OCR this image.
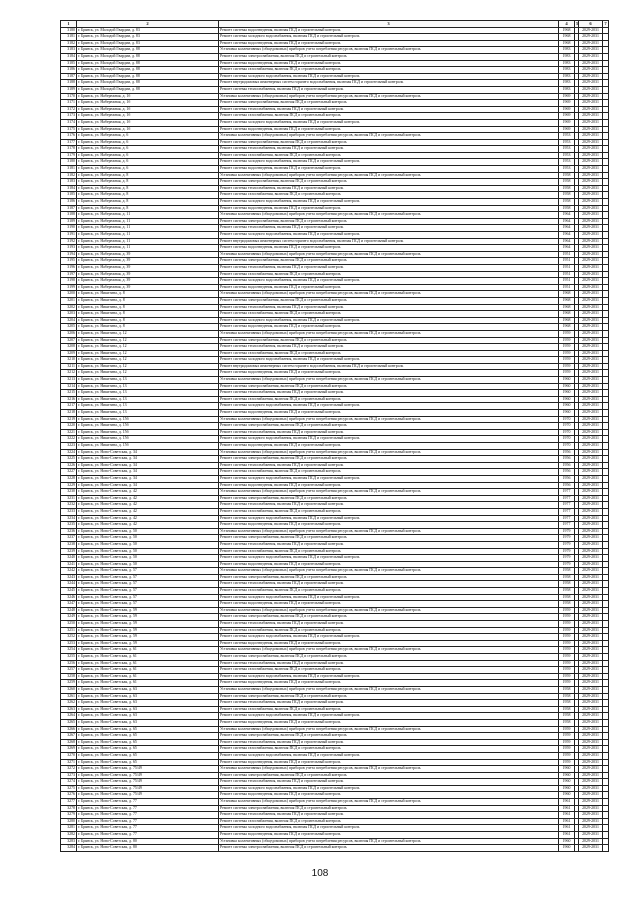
1	2	3	4	5	6	7
3180	г. Брянск, ул. Молодой Гвардии, д. 83	Ремонт системы водоотведения, включая ПСД и строительный контроль	1968		2029-2031	
3181	г. Брянск, ул. Молодой Гвардии, д. 83	Ремонт системы холодного водоснабжения, включая ПСД и строительный контроль	1968		2029-2031	
3182	г. Брянск, ул. Молодой Гвардии, д. 83	Ремонт системы водоотведения, включая ПСД и строительный контроль	1968		2029-2031	
3183	г. Брянск, ул. Молодой Гвардии, д. 88	Установка коллективных (общедомовых) приборов учета потребления ресурсов, включая ПСД и строительный контроль	1983		2029-2031	
3184	г. Брянск, ул. Молодой Гвардии, д. 88	Ремонт системы электроснабжения, включая ПСД и строительный контроль	1983		2029-2031	
3185	г. Брянск, ул. Молодой Гвардии, д. 88	Ремонт системы водоотведения, включая ПСД и строительный контроль	1983		2029-2031	
3186	г. Брянск, ул. Молодой Гвардии, д. 88	Ремонт системы газоснабжения, включая ПСД и строительный контроль	1983		2029-2031	
3187	г. Брянск, ул. Молодой Гвардии, д. 88	Ремонт системы холодного водоснабжения, включая ПСД и строительный контроль	1983		2029-2031	
3188	г. Брянск, ул. Молодой Гвардии, д. 88	Ремонт внутридомовых инженерных систем горячего водоснабжения, включая ПСД и строительный контроль	1983		2029-2031	
3189	г. Брянск, ул. Молодой Гвардии, д. 88	Ремонт системы теплоснабжения, включая ПСД и строительный контроль	1983		2029-2031	
3170	г. Брянск, ул. Набережная, д. 1б	Установка коллективных (общедомовых) приборов учета потребления ресурсов, включая ПСД и строительный контроль	1969		2029-2031	
3171	г. Брянск, ул. Набережная, д. 1б	Ремонт системы электроснабжения, включая ПСД и строительный контроль	1969		2029-2031	
3172	г. Брянск, ул. Набережная, д. 1б	Ремонт системы теплоснабжения, включая ПСД и строительный контроль	1969		2029-2031	
3173	г. Брянск, ул. Набережная, д. 1б	Ремонт системы газоснабжения, включая ПСД и строительный контроль	1969		2029-2031	
3174	г. Брянск, ул. Набережная, д. 1б	Ремонт системы холодного водоснабжения, включая ПСД и строительный контроль	1969		2029-2031	
3175	г. Брянск, ул. Набережная, д. 1б	Ремонт системы водоотведения, включая ПСД и строительный контроль	1969		2029-2031	
3176	г. Брянск, ул. Набережная, д. 6	Установка коллективных (общедомовых) приборов учета потребления ресурсов, включая ПСД и строительный контроль	1953		2029-2031	
3177	г. Брянск, ул. Набережная, д. 6	Ремонт системы электроснабжения, включая ПСД и строительный контроль	1953		2029-2031	
3178	г. Брянск, ул. Набережная, д. 6	Ремонт системы теплоснабжения, включая ПСД и строительный контроль	1953		2029-2031	
3179	г. Брянск, ул. Набережная, д. 6	Ремонт системы газоснабжения, включая ПСД и строительный контроль	1953		2029-2031	
3180	г. Брянск, ул. Набережная, д. 6	Ремонт системы холодного водоснабжения, включая ПСД и строительный контроль	1953		2029-2031	
3181	г. Брянск, ул. Набережная, д. 6	Ремонт системы водоотведения, включая ПСД и строительный контроль	1953		2029-2031	
3182	г. Брянск, ул. Набережная, д. 8	Установка коллективных (общедомовых) приборов учета потребления ресурсов, включая ПСД и строительный контроль	1958		2029-2031	
3183	г. Брянск, ул. Набережная, д. 8	Ремонт системы электроснабжения, включая ПСД и строительный контроль	1958		2029-2031	
3184	г. Брянск, ул. Набережная, д. 8	Ремонт системы теплоснабжения, включая ПСД и строительный контроль	1958		2029-2031	
3185	г. Брянск, ул. Набережная, д. 8	Ремонт системы газоснабжения, включая ПСД и строительный контроль	1958		2029-2031	
3186	г. Брянск, ул. Набережная, д. 8	Ремонт системы холодного водоснабжения, включая ПСД и строительный контроль	1958		2029-2031	
3187	г. Брянск, ул. Набережная, д. 8	Ремонт системы водоотведения, включая ПСД и строительный контроль	1958		2029-2031	
3188	г. Брянск, ул. Набережная, д. 11	Установка коллективных (общедомовых) приборов учета потребления ресурсов, включая ПСД и строительный контроль	1964		2029-2031	
3189	г. Брянск, ул. Набережная, д. 11	Ремонт системы электроснабжения, включая ПСД и строительный контроль	1964		2029-2031	
3190	г. Брянск, ул. Набережная, д. 11	Ремонт системы теплоснабжения, включая ПСД и строительный контроль	1964		2029-2031	
3191	г. Брянск, ул. Набережная, д. 11	Ремонт системы холодного водоснабжения, включая ПСД и строительный контроль	1964		2029-2031	
3192	г. Брянск, ул. Набережная, д. 11	Ремонт внутридомовых инженерных систем горячего водоснабжения, включая ПСД и строительный контроль	1964		2029-2031	
3193	г. Брянск, ул. Набережная, д. 11	Ремонт системы водоотведения, включая ПСД и строительный контроль	1964		2029-2031	
3194	г. Брянск, ул. Набережная, д. 39	Установка коллективных (общедомовых) приборов учета потребления ресурсов, включая ПСД и строительный контроль	1951		2029-2031	
3195	г. Брянск, ул. Набережная, д. 39	Ремонт системы электроснабжения, включая ПСД и строительный контроль	1951		2029-2031	
3196	г. Брянск, ул. Набережная, д. 39	Ремонт системы теплоснабжения, включая ПСД и строительный контроль	1951		2029-2031	
3197	г. Брянск, ул. Набережная, д. 39	Ремонт системы газоснабжения, включая ПСД и строительный контроль	1951		2029-2031	
3198	г. Брянск, ул. Набережная, д. 39	Ремонт системы холодного водоснабжения, включая ПСД и строительный контроль	1951		2029-2031	
3199	г. Брянск, ул. Набережная, д. 39	Ремонт системы водоотведения, включая ПСД и строительный контроль	1951		2029-2031	
3200	г. Брянск, ул. Никитина, д. 8	Установка коллективных (общедомовых) приборов учета потребления ресурсов, включая ПСД и строительный контроль	1968		2029-2031	
3201	г. Брянск, ул. Никитина, д. 8	Ремонт системы электроснабжения, включая ПСД и строительный контроль	1968		2029-2031	
3202	г. Брянск, ул. Никитина, д. 8	Ремонт системы теплоснабжения, включая ПСД и строительный контроль	1968		2029-2031	
3203	г. Брянск, ул. Никитина, д. 8	Ремонт системы газоснабжения, включая ПСД и строительный контроль	1968		2029-2031	
3204	г. Брянск, ул. Никитина, д. 8	Ремонт системы холодного водоснабжения, включая ПСД и строительный контроль	1968		2029-2031	
3205	г. Брянск, ул. Никитина, д. 8	Ремонт системы водоотведения, включая ПСД и строительный контроль	1968		2029-2031	
3206	г. Брянск, ул. Никитина, д. 12	Установка коллективных (общедомовых) приборов учета потребления ресурсов, включая ПСД и строительный контроль	1959		2029-2031	
3207	г. Брянск, ул. Никитина, д. 12	Ремонт системы электроснабжения, включая ПСД и строительный контроль	1959		2029-2031	
3208	г. Брянск, ул. Никитина, д. 12	Ремонт системы теплоснабжения, включая ПСД и строительный контроль	1959		2029-2031	
3209	г. Брянск, ул. Никитина, д. 12	Ремонт системы газоснабжения, включая ПСД и строительный контроль	1959		2029-2031	
3210	г. Брянск, ул. Никитина, д. 12	Ремонт системы холодного водоснабжения, включая ПСД и строительный контроль	1959		2029-2031	
3211	г. Брянск, ул. Никитина, д. 12	Ремонт внутридомовых инженерных систем горячего водоснабжения, включая ПСД и строительный контроль	1959		2029-2031	
3212	г. Брянск, ул. Никитина, д. 12	Ремонт системы водоотведения, включая ПСД и строительный контроль	1959		2029-2031	
3213	г. Брянск, ул. Никитина, д. 13	Установка коллективных (общедомовых) приборов учета потребления ресурсов, включая ПСД и строительный контроль	1960		2029-2031	
3214	г. Брянск, ул. Никитина, д. 13	Ремонт системы электроснабжения, включая ПСД и строительный контроль	1960		2029-2031	
3215	г. Брянск, ул. Никитина, д. 13	Ремонт системы теплоснабжения, включая ПСД и строительный контроль	1960		2029-2031	
3216	г. Брянск, ул. Никитина, д. 13	Ремонт системы газоснабжения, включая ПСД и строительный контроль	1960		2029-2031	
3217	г. Брянск, ул. Никитина, д. 13	Ремонт системы холодного водоснабжения, включая ПСД и строительный контроль	1960		2029-2031	
3218	г. Брянск, ул. Никитина, д. 13	Ремонт системы водоотведения, включая ПСД и строительный контроль	1960		2029-2031	
3219	г. Брянск, ул. Никитина, д. 15б	Установка коллективных (общедомовых) приборов учета потребления ресурсов, включая ПСД и строительный контроль	1970		2029-2031	
3220	г. Брянск, ул. Никитина, д. 15б	Ремонт системы электроснабжения, включая ПСД и строительный контроль	1970		2029-2031	
3221	г. Брянск, ул. Никитина, д. 15б	Ремонт системы теплоснабжения, включая ПСД и строительный контроль	1970		2029-2031	
3222	г. Брянск, ул. Никитина, д. 15б	Ремонт системы холодного водоснабжения, включая ПСД и строительный контроль	1970		2029-2031	
3223	г. Брянск, ул. Никитина, д. 15б	Ремонт системы водоотведения, включая ПСД и строительный контроль	1970		2029-2031	
3224	г. Брянск, ул. Ново-Советская, д. 34	Установка коллективных (общедомовых) приборов учета потребления ресурсов, включая ПСД и строительный контроль	1956		2029-2031	
3225	г. Брянск, ул. Ново-Советская, д. 34	Ремонт системы электроснабжения, включая ПСД и строительный контроль	1956		2029-2031	
3226	г. Брянск, ул. Ново-Советская, д. 34	Ремонт системы теплоснабжения, включая ПСД и строительный контроль	1956		2029-2031	
3227	г. Брянск, ул. Ново-Советская, д. 34	Ремонт системы газоснабжения, включая ПСД и строительный контроль	1956		2029-2031	
3228	г. Брянск, ул. Ново-Советская, д. 34	Ремонт системы холодного водоснабжения, включая ПСД и строительный контроль	1956		2029-2031	
3229	г. Брянск, ул. Ново-Советская, д. 34	Ремонт системы водоотведения, включая ПСД и строительный контроль	1956		2029-2031	
3230	г. Брянск, ул. Ново-Советская, д. 42	Установка коллективных (общедомовых) приборов учета потребления ресурсов, включая ПСД и строительный контроль	1977		2029-2031	
3231	г. Брянск, ул. Ново-Советская, д. 42	Ремонт системы электроснабжения, включая ПСД и строительный контроль	1977		2029-2031	
3232	г. Брянск, ул. Ново-Советская, д. 42	Ремонт системы теплоснабжения, включая ПСД и строительный контроль	1977		2029-2031	
3233	г. Брянск, ул. Ново-Советская, д. 42	Ремонт системы газоснабжения, включая ПСД и строительный контроль	1977		2029-2031	
3234	г. Брянск, ул. Ново-Советская, д. 42	Ремонт системы холодного водоснабжения, включая ПСД и строительный контроль	1977		2029-2031	
3235	г. Брянск, ул. Ново-Советская, д. 42	Ремонт системы водоотведения, включая ПСД и строительный контроль	1977		2029-2031	
3236	г. Брянск, ул. Ново-Советская, д. 50	Установка коллективных (общедомовых) приборов учета потребления ресурсов, включая ПСД и строительный контроль	1979		2029-2031	
3237	г. Брянск, ул. Ново-Советская, д. 50	Ремонт системы электроснабжения, включая ПСД и строительный контроль	1979		2029-2031	
3238	г. Брянск, ул. Ново-Советская, д. 50	Ремонт системы теплоснабжения, включая ПСД и строительный контроль	1979		2029-2031	
3239	г. Брянск, ул. Ново-Советская, д. 50	Ремонт системы газоснабжения, включая ПСД и строительный контроль	1979		2029-2031	
3240	г. Брянск, ул. Ново-Советская, д. 50	Ремонт системы холодного водоснабжения, включая ПСД и строительный контроль	1979		2029-2031	
3241	г. Брянск, ул. Ново-Советская, д. 50	Ремонт системы водоотведения, включая ПСД и строительный контроль	1979		2029-2031	
3242	г. Брянск, ул. Ново-Советская, д. 57	Установка коллективных (общедомовых) приборов учета потребления ресурсов, включая ПСД и строительный контроль	1958		2029-2031	
3243	г. Брянск, ул. Ново-Советская, д. 57	Ремонт системы электроснабжения, включая ПСД и строительный контроль	1958		2029-2031	
3244	г. Брянск, ул. Ново-Советская, д. 57	Ремонт системы теплоснабжения, включая ПСД и строительный контроль	1958		2029-2031	
3245	г. Брянск, ул. Ново-Советская, д. 57	Ремонт системы газоснабжения, включая ПСД и строительный контроль	1958		2029-2031	
3246	г. Брянск, ул. Ново-Советская, д. 57	Ремонт системы холодного водоснабжения, включая ПСД и строительный контроль	1958		2029-2031	
3247	г. Брянск, ул. Ново-Советская, д. 57	Ремонт системы водоотведения, включая ПСД и строительный контроль	1958		2029-2031	
3248	г. Брянск, ул. Ново-Советская, д. 59	Установка коллективных (общедомовых) приборов учета потребления ресурсов, включая ПСД и строительный контроль	1959		2029-2031	
3249	г. Брянск, ул. Ново-Советская, д. 59	Ремонт системы электроснабжения, включая ПСД и строительный контроль	1959		2029-2031	
3250	г. Брянск, ул. Ново-Советская, д. 59	Ремонт системы теплоснабжения, включая ПСД и строительный контроль	1959		2029-2031	
3251	г. Брянск, ул. Ново-Советская, д. 59	Ремонт системы газоснабжения, включая ПСД и строительный контроль	1959		2029-2031	
3252	г. Брянск, ул. Ново-Советская, д. 59	Ремонт системы холодного водоснабжения, включая ПСД и строительный контроль	1959		2029-2031	
3253	г. Брянск, ул. Ново-Советская, д. 59	Ремонт системы водоотведения, включая ПСД и строительный контроль	1959		2029-2031	
3254	г. Брянск, ул. Ново-Советская, д. 61	Установка коллективных (общедомовых) приборов учета потребления ресурсов, включая ПСД и строительный контроль	1959		2029-2031	
3255	г. Брянск, ул. Ново-Советская, д. 61	Ремонт системы электроснабжения, включая ПСД и строительный контроль	1959		2029-2031	
3256	г. Брянск, ул. Ново-Советская, д. 61	Ремонт системы теплоснабжения, включая ПСД и строительный контроль	1959		2029-2031	
3257	г. Брянск, ул. Ново-Советская, д. 61	Ремонт системы газоснабжения, включая ПСД и строительный контроль	1959		2029-2031	
3258	г. Брянск, ул. Ново-Советская, д. 61	Ремонт системы холодного водоснабжения, включая ПСД и строительный контроль	1959		2029-2031	
3259	г. Брянск, ул. Ново-Советская, д. 61	Ремонт системы водоотведения, включая ПСД и строительный контроль	1959		2029-2031	
3260	г. Брянск, ул. Ново-Советская, д. 63	Установка коллективных (общедомовых) приборов учета потребления ресурсов, включая ПСД и строительный контроль	1958		2029-2031	
3261	г. Брянск, ул. Ново-Советская, д. 63	Ремонт системы электроснабжения, включая ПСД и строительный контроль	1958		2029-2031	
3262	г. Брянск, ул. Ново-Советская, д. 63	Ремонт системы теплоснабжения, включая ПСД и строительный контроль	1958		2029-2031	
3263	г. Брянск, ул. Ново-Советская, д. 63	Ремонт системы газоснабжения, включая ПСД и строительный контроль	1958		2029-2031	
3264	г. Брянск, ул. Ново-Советская, д. 63	Ремонт системы холодного водоснабжения, включая ПСД и строительный контроль	1958		2029-2031	
3265	г. Брянск, ул. Ново-Советская, д. 63	Ремонт системы водоотведения, включая ПСД и строительный контроль	1958		2029-2031	
3266	г. Брянск, ул. Ново-Советская, д. 65	Установка коллективных (общедомовых) приборов учета потребления ресурсов, включая ПСД и строительный контроль	1959		2029-2031	
3267	г. Брянск, ул. Ново-Советская, д. 65	Ремонт системы электроснабжения, включая ПСД и строительный контроль	1959		2029-2031	
3268	г. Брянск, ул. Ново-Советская, д. 65	Ремонт системы теплоснабжения, включая ПСД и строительный контроль	1959		2029-2031	
3269	г. Брянск, ул. Ново-Советская, д. 65	Ремонт системы газоснабжения, включая ПСД и строительный контроль	1959		2029-2031	
3270	г. Брянск, ул. Ново-Советская, д. 65	Ремонт системы холодного водоснабжения, включая ПСД и строительный контроль	1959		2029-2031	
3271	г. Брянск, ул. Ново-Советская, д. 65	Ремонт системы водоотведения, включая ПСД и строительный контроль	1959		2029-2031	
3272	г. Брянск, ул. Ново-Советская, д. 75/49	Установка коллективных (общедомовых) приборов учета потребления ресурсов, включая ПСД и строительный контроль	1960		2029-2031	
3273	г. Брянск, ул. Ново-Советская, д. 75/49	Ремонт системы электроснабжения, включая ПСД и строительный контроль	1960		2029-2031	
3274	г. Брянск, ул. Ново-Советская, д. 75/49	Ремонт системы теплоснабжения, включая ПСД и строительный контроль	1960		2029-2031	
3275	г. Брянск, ул. Ново-Советская, д. 75/49	Ремонт системы холодного водоснабжения, включая ПСД и строительный контроль	1960		2029-2031	
3276	г. Брянск, ул. Ново-Советская, д. 75/49	Ремонт системы водоотведения, включая ПСД и строительный контроль	1960		2029-2031	
3277	г. Брянск, ул. Ново-Советская, д. 77	Установка коллективных (общедомовых) приборов учета потребления ресурсов, включая ПСД и строительный контроль	1961		2029-2031	
3278	г. Брянск, ул. Ново-Советская, д. 77	Ремонт системы электроснабжения, включая ПСД и строительный контроль	1961		2029-2031	
3279	г. Брянск, ул. Ново-Советская, д. 77	Ремонт системы теплоснабжения, включая ПСД и строительный контроль	1961		2029-2031	
3280	г. Брянск, ул. Ново-Советская, д. 77	Ремонт системы газоснабжения, включая ПСД и строительный контроль	1961		2029-2031	
3281	г. Брянск, ул. Ново-Советская, д. 77	Ремонт системы холодного водоснабжения, включая ПСД и строительный контроль	1961		2029-2031	
3282	г. Брянск, ул. Ново-Советская, д. 77	Ремонт системы водоотведения, включая ПСД и строительный контроль	1961		2029-2031	
3283	г. Брянск, ул. Ново-Советская, д. 80	Установка коллективных (общедомовых) приборов учета потребления ресурсов, включая ПСД и строительный контроль	1960		2029-2031	
3284	г. Брянск, ул. Ново-Советская, д. 80	Ремонт системы электроснабжения, включая ПСД и строительный контроль	1960		2029-2031	
108
